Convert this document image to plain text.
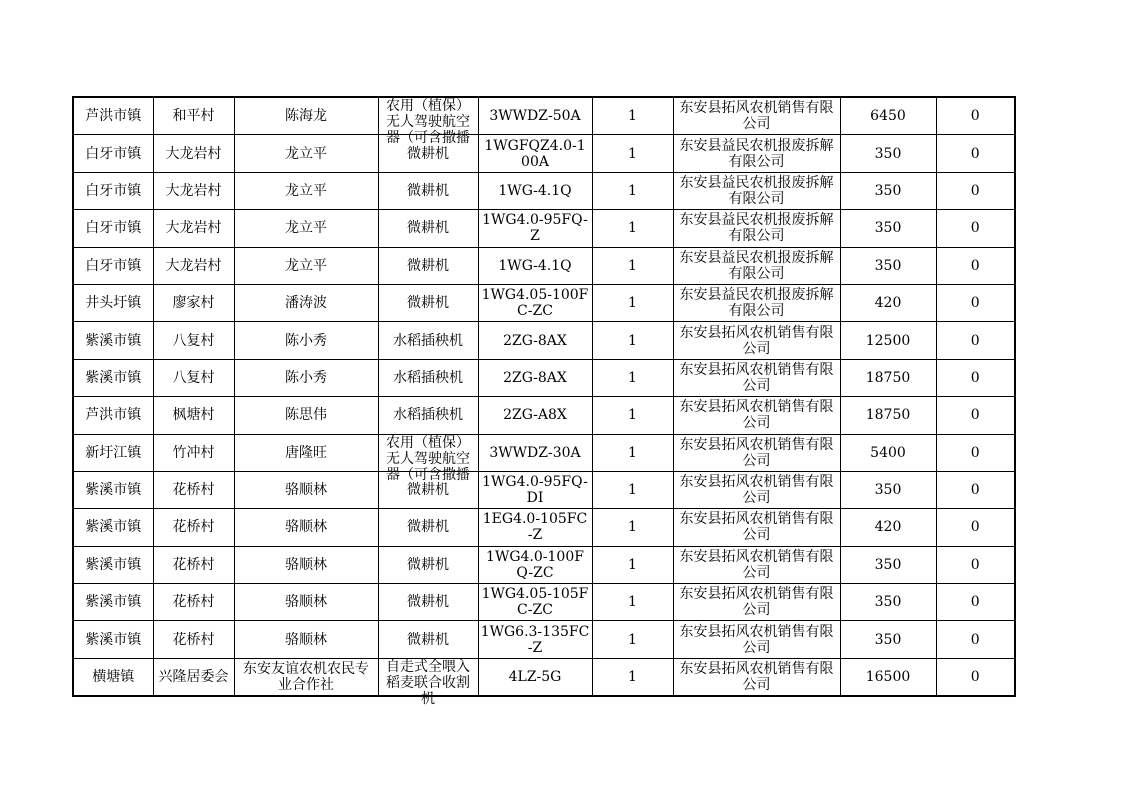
芦洪市镇	和平村	陈海龙	农用（植保）无人驾驶航空器（可含撒播	3WWDZ-50A	1	东安县拓风农机销售有限公司	6450	0
白牙市镇	大龙岩村	龙立平	微耕机	1WGFQZ4.0-100A	1	东安县益民农机报废拆解有限公司	350	0
白牙市镇	大龙岩村	龙立平	微耕机	1WG-4.1Q	1	东安县益民农机报废拆解有限公司	350	0
白牙市镇	大龙岩村	龙立平	微耕机	1WG4.0-95FQ-Z	1	东安县益民农机报废拆解有限公司	350	0
白牙市镇	大龙岩村	龙立平	微耕机	1WG-4.1Q	1	东安县益民农机报废拆解有限公司	350	0
井头圩镇	廖家村	潘涛波	微耕机	1WG4.05-100FC-ZC	1	东安县益民农机报废拆解有限公司	420	0
紫溪市镇	八复村	陈小秀	水稻插秧机	2ZG-8AX	1	东安县拓风农机销售有限公司	12500	0
紫溪市镇	八复村	陈小秀	水稻插秧机	2ZG-8AX	1	东安县拓风农机销售有限公司	18750	0
芦洪市镇	枫塘村	陈思伟	水稻插秧机	2ZG-A8X	1	东安县拓风农机销售有限公司	18750	0
新圩江镇	竹冲村	唐隆旺	农用（植保）无人驾驶航空器（可含撒播	3WWDZ-30A	1	东安县拓风农机销售有限公司	5400	0
紫溪市镇	花桥村	骆顺林	微耕机	1WG4.0-95FQ-DI	1	东安县拓风农机销售有限公司	350	0
紫溪市镇	花桥村	骆顺林	微耕机	1EG4.0-105FC-Z	1	东安县拓风农机销售有限公司	420	0
紫溪市镇	花桥村	骆顺林	微耕机	1WG4.0-100FQ-ZC	1	东安县拓风农机销售有限公司	350	0
紫溪市镇	花桥村	骆顺林	微耕机	1WG4.05-105FC-ZC	1	东安县拓风农机销售有限公司	350	0
紫溪市镇	花桥村	骆顺林	微耕机	1WG6.3-135FC-Z	1	东安县拓风农机销售有限公司	350	0
横塘镇	兴隆居委会	东安友谊农机农民专业合作社	自走式全喂入稻麦联合收割机	4LZ-5G	1	东安县拓风农机销售有限公司	16500	0
